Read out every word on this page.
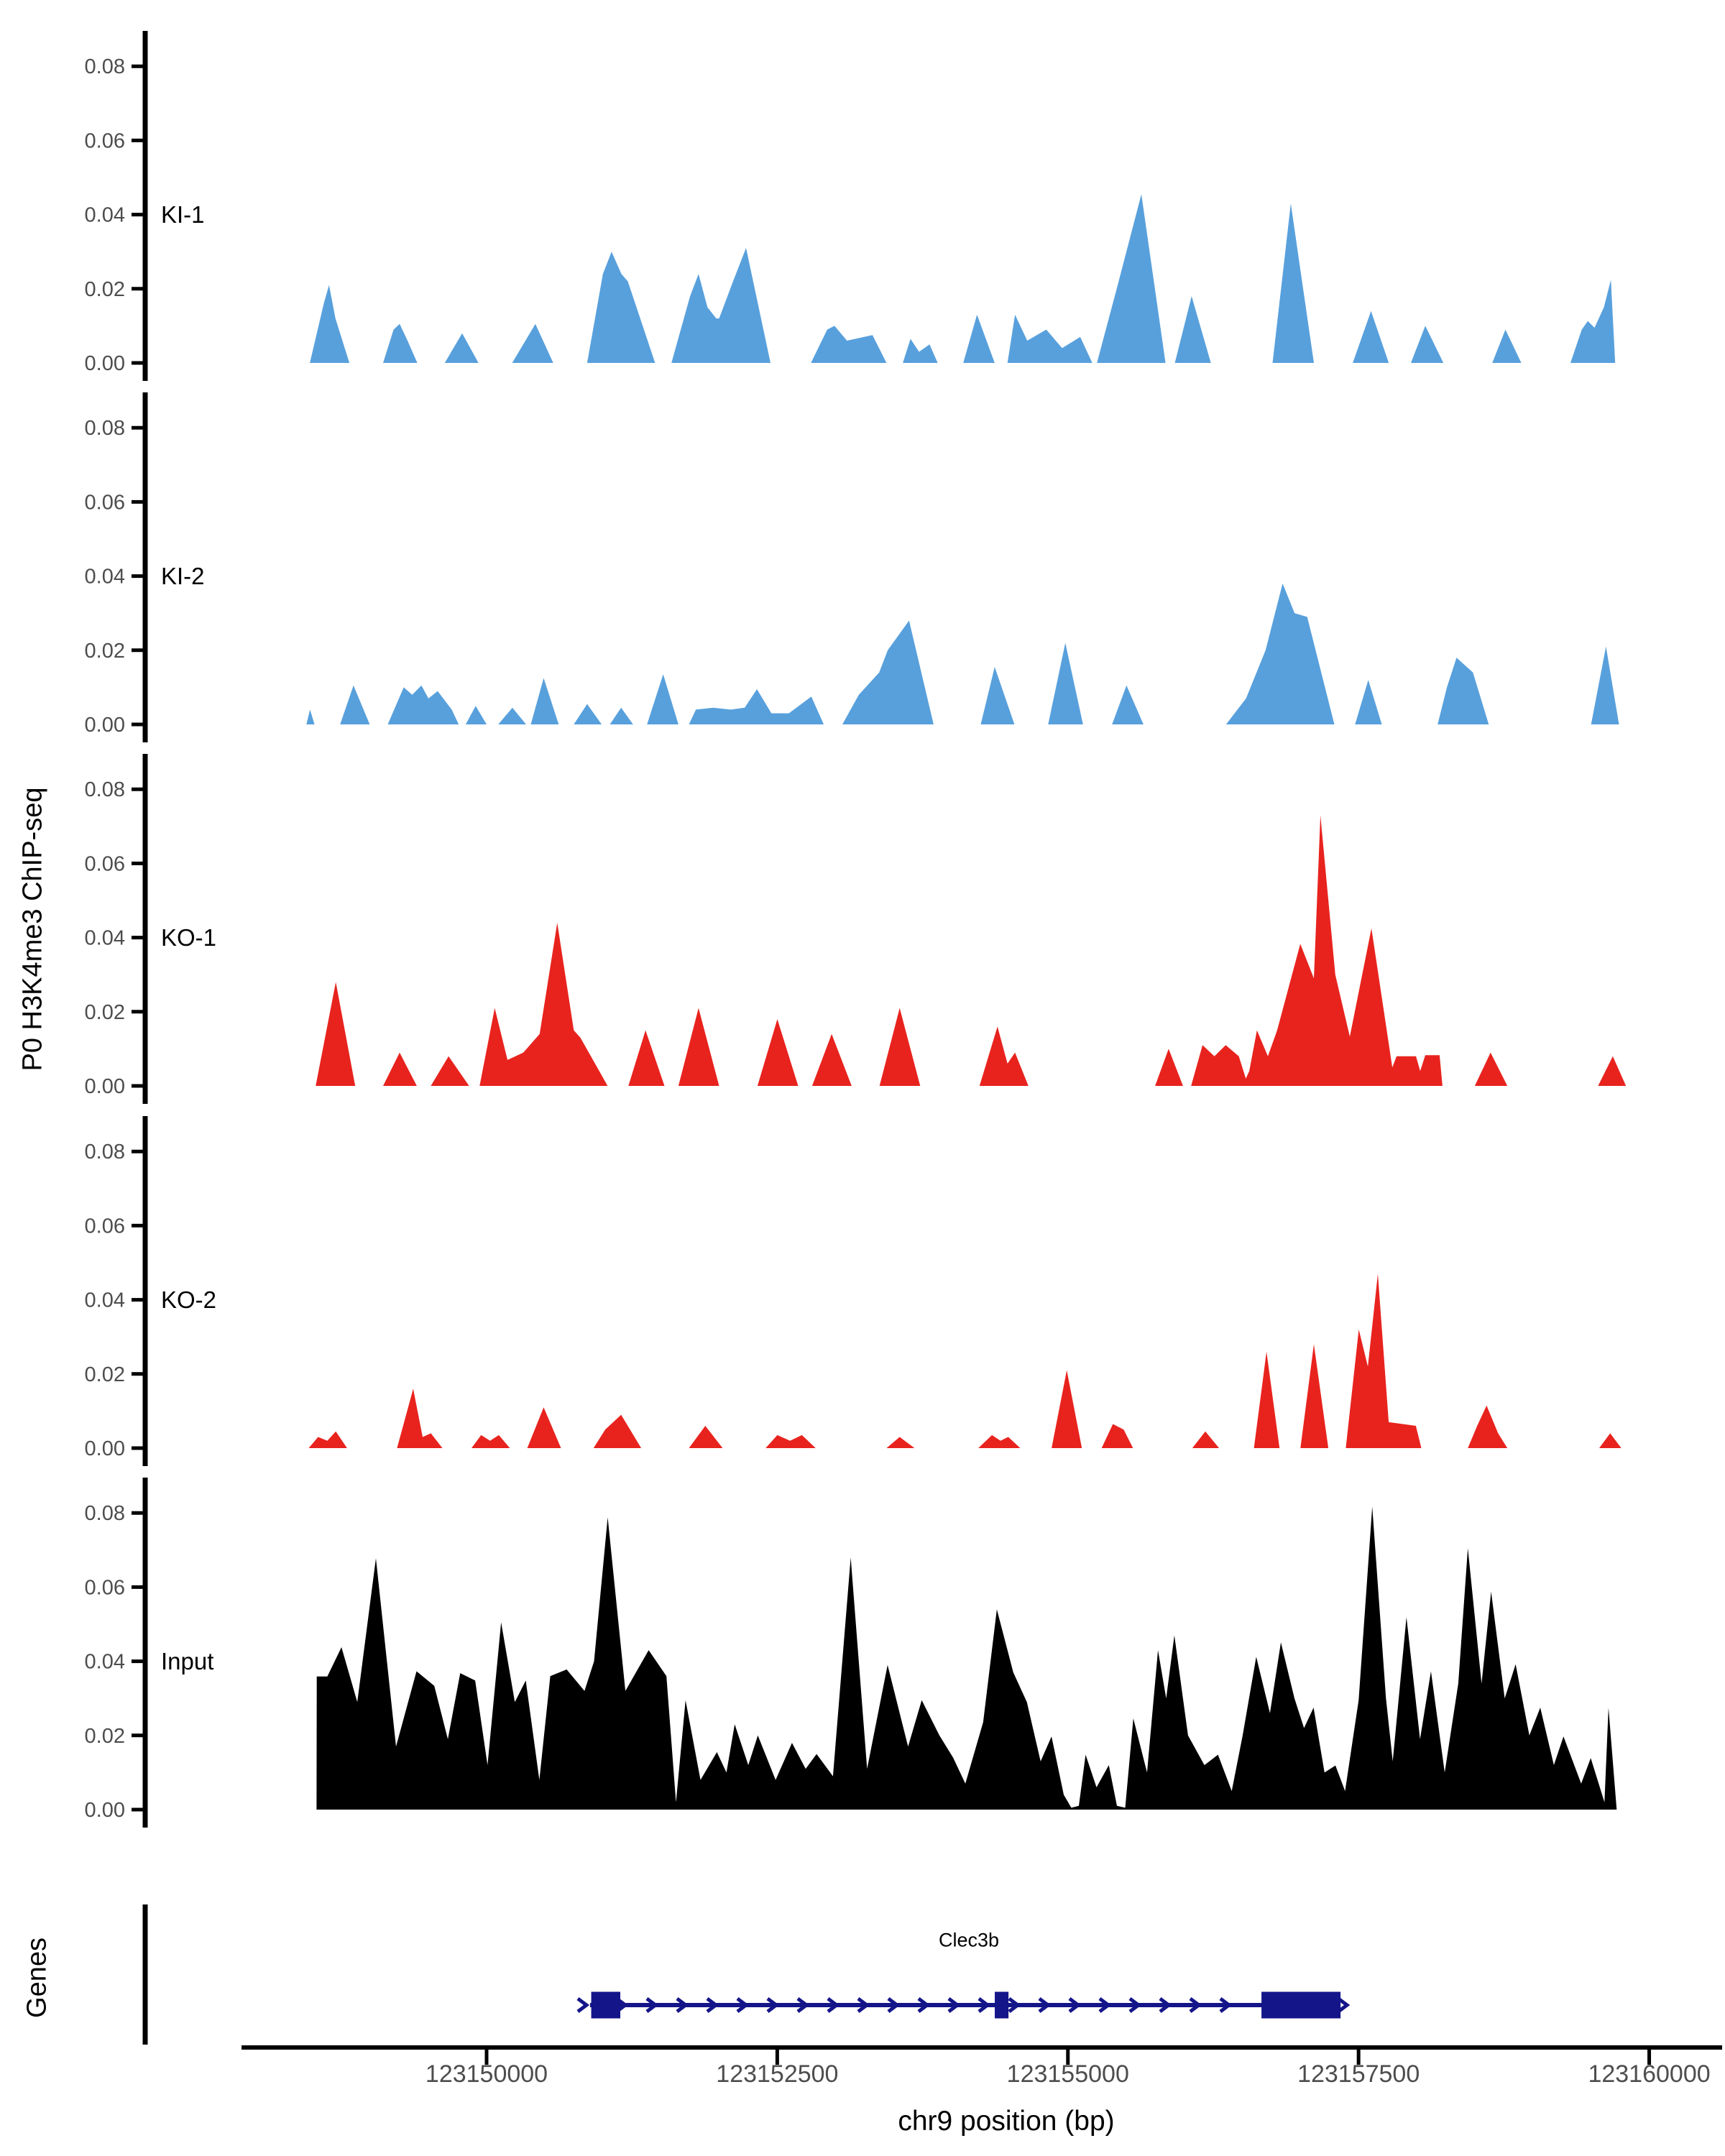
0.00
0.02
0.04
0.06
0.08
KI-1
0.00
0.02
0.04
0.06
0.08
KI-2
0.00
0.02
0.04
0.06
0.08
KO-1
0.00
0.02
0.04
0.06
0.08
KO-2
0.00
0.02
0.04
0.06
0.08
Input
123150000	123152500	123155000	123157500	123160000
P0 H3K4me3 ChIP-seq
Genes
chr9 position (bp)
Clec3b
